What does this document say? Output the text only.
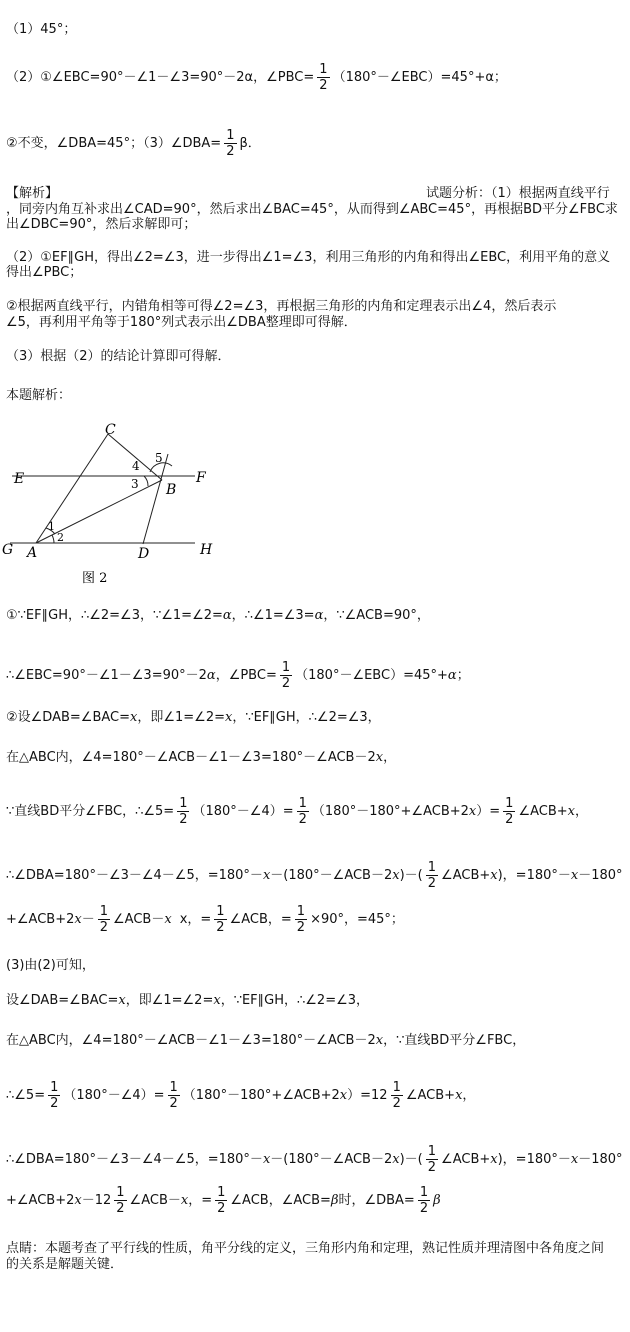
（1）45°；
（2）①∠EBC=90°－∠1－∠3=90°－2α，∠PBC= $\frac{1}{2}$ （180°－∠EBC）=45°+α；
②不变，∠DBA=45°；（3）∠DBA= $\frac{1}{2}$ β．
【解析】	试题分析：（1）根据两直线平行
，同旁内角互补求出∠CAD=90°，然后求出∠BAC=45°，从而得到∠ABC=45°，再根据BD平分∠FBC求
出∠DBC=90°，然后求解即可；
（2）①EF∥GH，得出∠2=∠3，进一步得出∠1=∠3，利用三角形的内角和得出∠EBC，利用平角的意义
得出∠PBC；
②根据两直线平行，内错角相等可得∠2=∠3，再根据三角形的内角和定理表示出∠4，然后表示
∠5，再利用平角等于180°列式表示出∠DBA整理即可得解．
（3）根据（2）的结论计算即可得解．
本题解析：
C
4
5
E	3 B
F
1
2
G A	D	H
图 2
①∵EF∥GH，∴∠2=∠3，∵∠1=∠2=α，∴∠1=∠3=α，∵∠ACB=90°，
∴∠EBC=90°－∠1－∠3=90°－2α，∠PBC= $\frac{1}{2}$ （180°－∠EBC）=45°+α；
②设∠DAB=∠BAC=x，即∠1=∠2=x，∵EF∥GH，∴∠2=∠3，
在△ABC内，∠4=180°－∠ACB－∠1－∠3=180°－∠ACB－2x，
∵直线BD平分∠FBC，∴∠5= $\frac{1}{2}$ （180°－∠4）= $\frac{1}{2}$ （180°－180°+∠ACB+2x）= $\frac{1}{2}$ ∠ACB+x，
∴∠DBA=180°－∠3－∠4－∠5，=180°－x－(180°－∠ACB－2x)－( $\frac{1}{2}$ ∠ACB+x)，=180°－x－180°
+∠ACB+2x－ $\frac{1}{2}$ ∠ACB－x x，= $\frac{1}{2}$ ∠ACB，= $\frac{1}{2} \times 90^\circ$，=45°；
(3)由(2)可知，
设∠DAB=∠BAC=x，即∠1=∠2=x，∵EF∥GH，∴∠2=∠3，
在△ABC内，∠4=180°－∠ACB－∠1－∠3=180°－∠ACB－2x，∵直线BD平分∠FBC，
∴∠5= $\frac{1}{2}$ （180°－∠4）= $\frac{1}{2}$ （180°－180°+∠ACB+2x）=12 $\frac{1}{2}$ ∠ACB+x，
∴∠DBA=180°－∠3－∠4－∠5，=180°－x－(180°－∠ACB－2x)－( $\frac{1}{2}$ ∠ACB+x)，=180°－x－180°
+∠ACB+2x－12 $\frac{1}{2}$ ∠ACB－x，= $\frac{1}{2}$ ∠ACB，∠ACB=β时，∠DBA= $\frac{1}{2}$ β
点睛：本题考查了平行线的性质，角平分线的定义，三角形内角和定理，熟记性质并理清图中各角度之间
的关系是解题关键．
